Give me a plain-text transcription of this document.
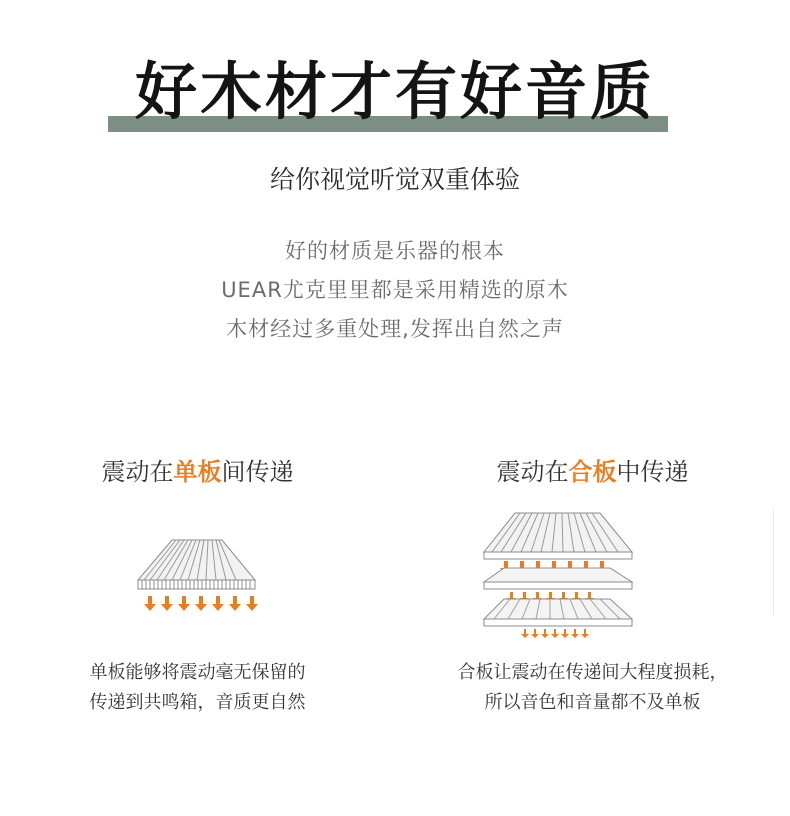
好木材才有好音质
给你视觉听觉双重体验
好的材质是乐器的根本
UEAR尤克里里都是采用精选的原木
木材经过多重处理,发挥出自然之声
震动在单板间传递
单板能够将震动毫无保留的
传递到共鸣箱，音质更自然
震动在合板中传递
合板让震动在传递间大程度损耗，
所以音色和音量都不及单板
